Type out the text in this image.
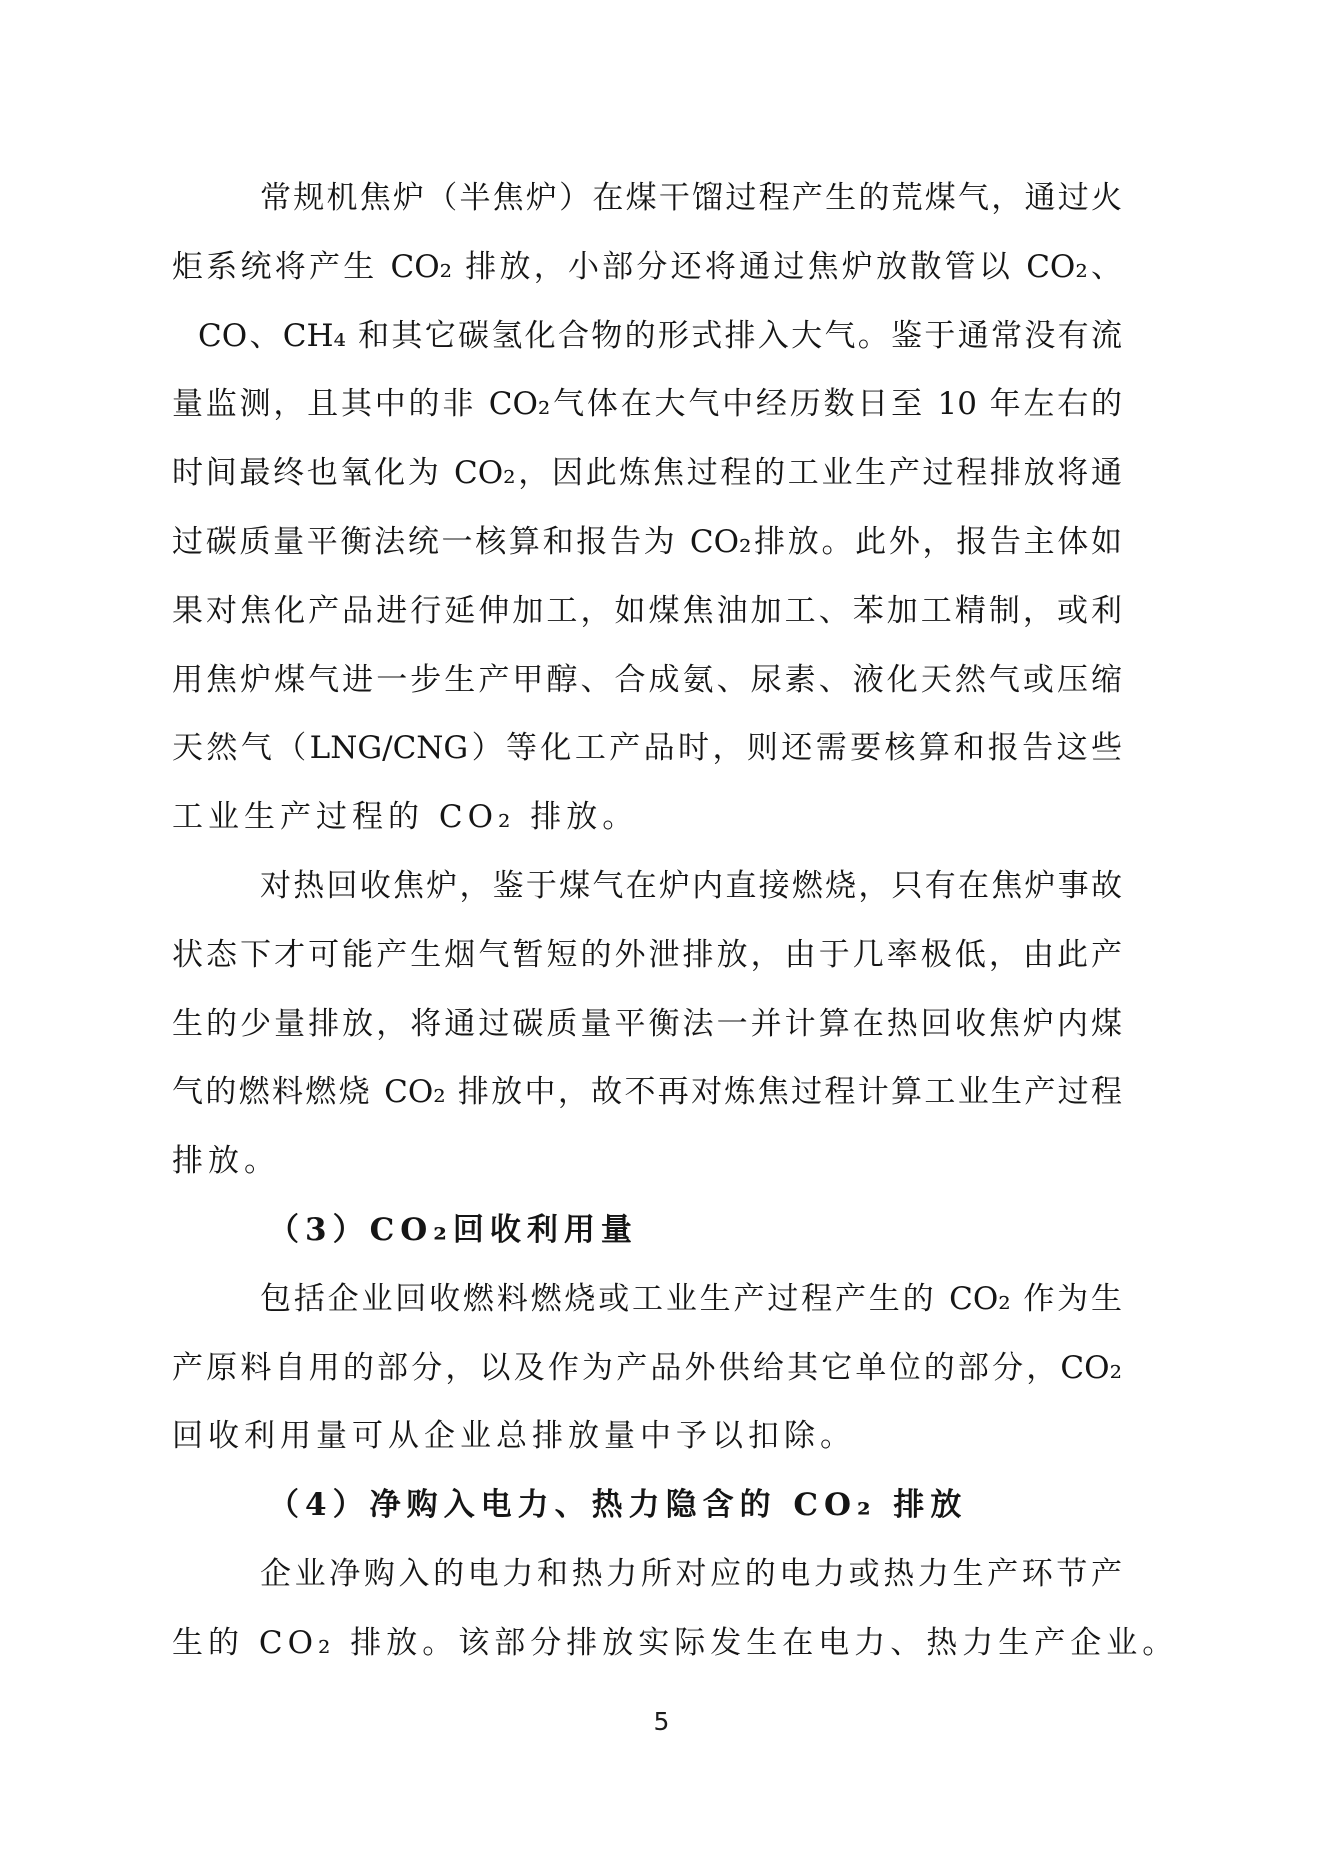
常规机焦炉（半焦炉）在煤干馏过程产生的荒煤气，通过火
炬系统将产生 CO₂ 排放，小部分还将通过焦炉放散管以 CO₂、
CO、CH₄ 和其它碳氢化合物的形式排入大气。鉴于通常没有流
量监测，且其中的非 CO₂气体在大气中经历数日至 10 年左右的
时间最终也氧化为 CO₂，因此炼焦过程的工业生产过程排放将通
过碳质量平衡法统一核算和报告为 CO₂排放。此外，报告主体如
果对焦化产品进行延伸加工，如煤焦油加工、苯加工精制，或利
用焦炉煤气进一步生产甲醇、合成氨、尿素、液化天然气或压缩
天然气（LNG/CNG）等化工产品时，则还需要核算和报告这些
工业生产过程的 CO₂ 排放。
对热回收焦炉，鉴于煤气在炉内直接燃烧，只有在焦炉事故
状态下才可能产生烟气暂短的外泄排放，由于几率极低，由此产
生的少量排放，将通过碳质量平衡法一并计算在热回收焦炉内煤
气的燃料燃烧 CO₂ 排放中，故不再对炼焦过程计算工业生产过程
排放。
（3）CO₂回收利用量
包括企业回收燃料燃烧或工业生产过程产生的 CO₂ 作为生
产原料自用的部分，以及作为产品外供给其它单位的部分，CO₂
回收利用量可从企业总排放量中予以扣除。
（4）净购入电力、热力隐含的 CO₂ 排放
企业净购入的电力和热力所对应的电力或热力生产环节产
生的 CO₂ 排放。该部分排放实际发生在电力、热力生产企业。
5
